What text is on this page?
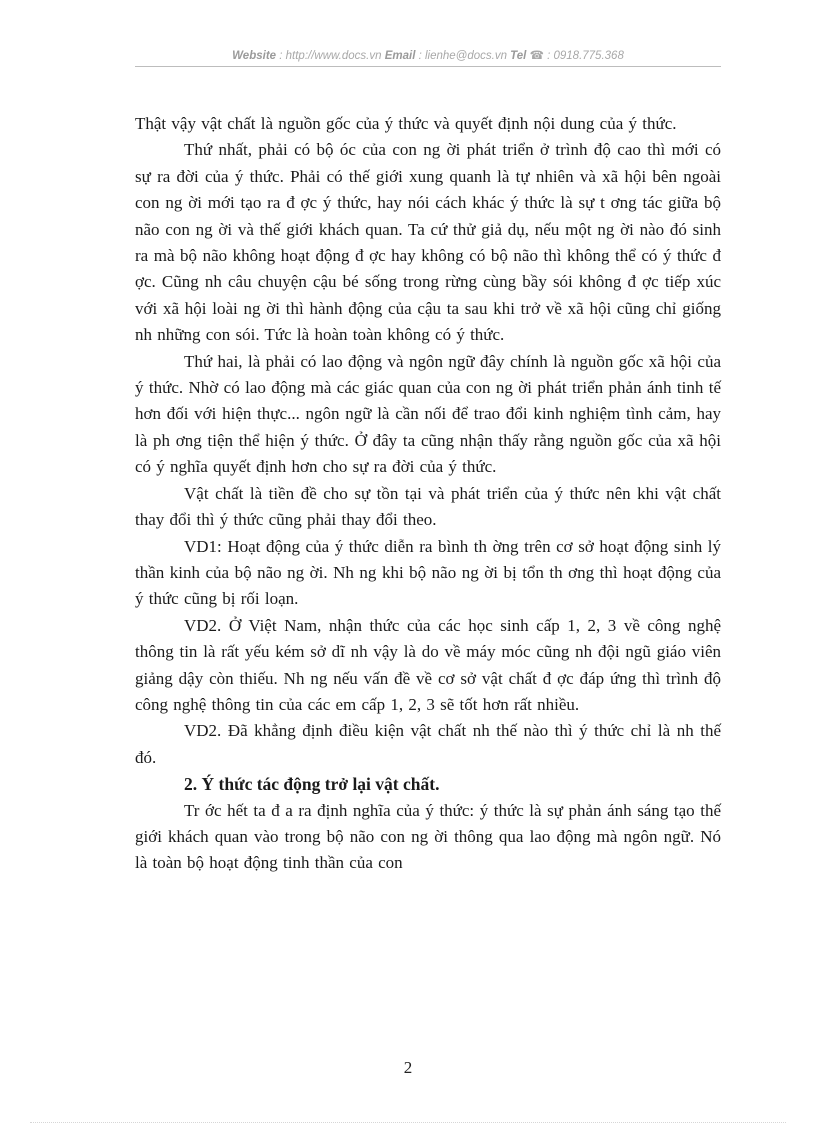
Website : http://www.docs.vn Email : lienhe@docs.vn Tel ☎ : 0918.775.368

Thật vậy vật chất là nguồn gốc của ý thức và quyết định nội dung của ý thức.

Thứ nhất, phải có bộ óc của con ng ời phát triển ở trình độ cao thì mới có sự ra đời của ý thức. Phải có thế giới xung quanh là tự nhiên và xã hội bên ngoài con ng ời mới tạo ra đ ợc ý thức, hay nói cách khác ý thức là sự t ơng tác giữa bộ não con ng ời và thế giới khách quan. Ta cứ thử giả dụ, nếu một ng ời nào đó sinh ra mà bộ não không hoạt động đ ợc hay không có bộ não thì không thể có ý thức đ ợc. Cũng nh câu chuyện cậu bé sống trong rừng cùng bầy sói không đ ợc tiếp xúc với xã hội loài ng ời thì hành động của cậu ta sau khi trở về xã hội cũng chỉ giống nh những con sói. Tức là hoàn toàn không có ý thức.

Thứ hai, là phải có lao động và ngôn ngữ đây chính là nguồn gốc xã hội của ý thức. Nhờ có lao động mà các giác quan của con ng ời phát triển phản ánh tinh tế hơn đối với hiện thực... ngôn ngữ là cần nối để trao đổi kinh nghiệm tình cảm, hay là ph ơng tiện thể hiện ý thức. Ở đây ta cũng nhận thấy rằng nguồn gốc của xã hội có ý nghĩa quyết định hơn cho sự ra đời của ý thức.

Vật chất là tiền đề cho sự tồn tại và phát triển của ý thức nên khi vật chất thay đổi thì ý thức cũng phải thay đổi theo.

VD1: Hoạt động của ý thức diễn ra bình th ờng trên cơ sở hoạt động sinh lý thần kinh của bộ não ng ời. Nh ng khi bộ não ng ời bị tổn th ơng thì hoạt động của ý thức cũng bị rối loạn.

VD2. Ở Việt Nam, nhận thức của các học sinh cấp 1, 2, 3 về công nghệ thông tin là rất yếu kém sở dĩ nh vậy là do về máy móc cũng nh đội ngũ giáo viên giảng dậy còn thiếu. Nh ng nếu vấn đề về cơ sở vật chất đ ợc đáp ứng thì trình độ công nghệ thông tin của các em cấp 1, 2, 3 sẽ tốt hơn rất nhiều.

VD2. Đã khẳng định điều kiện vật chất nh thế nào thì ý thức chỉ là nh thế đó.

2. Ý thức tác động trở lại vật chất.

Tr ớc hết ta đ a ra định nghĩa của ý thức: ý thức là sự phản ánh sáng tạo thế giới khách quan vào trong bộ não con ng ời thông qua lao động mà ngôn ngữ. Nó là toàn bộ hoạt động tinh thần của con

2
